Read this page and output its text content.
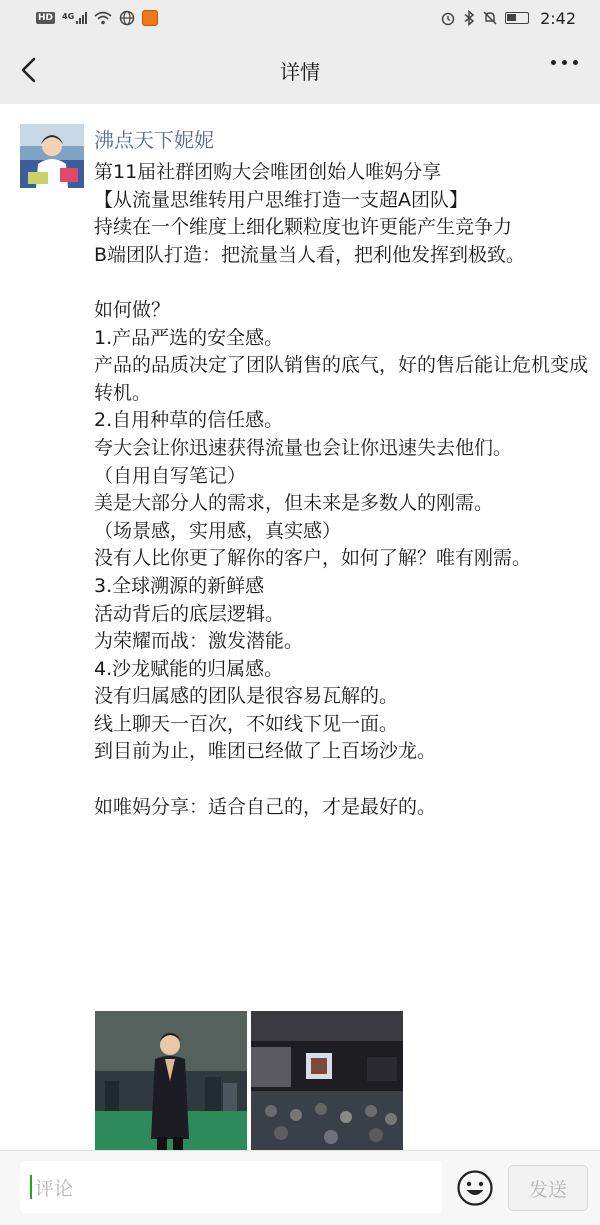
HD 4G	2:42
详情
沸点天下妮妮
第11届社群团购大会唯团创始人唯妈分享
【从流量思维转用户思维打造一支超A团队】
持续在一个维度上细化颗粒度也许更能产生竞争力
B端团队打造：把流量当人看，把利他发挥到极致。

如何做？
1.产品严选的安全感。
产品的品质决定了团队销售的底气，好的售后能让危机变成转机。
2.自用种草的信任感。
夸大会让你迅速获得流量也会让你迅速失去他们。
（自用自写笔记）
美是大部分人的需求，但未来是多数人的刚需。
（场景感，实用感，真实感）
没有人比你更了解你的客户，如何了解？唯有刚需。
3.全球溯源的新鲜感
活动背后的底层逻辑。
为荣耀而战：激发潜能。
4.沙龙赋能的归属感。
没有归属感的团队是很容易瓦解的。
线上聊天一百次，不如线下见一面。
到目前为止，唯团已经做了上百场沙龙。

如唯妈分享：适合自己的，才是最好的。
评论	发送
